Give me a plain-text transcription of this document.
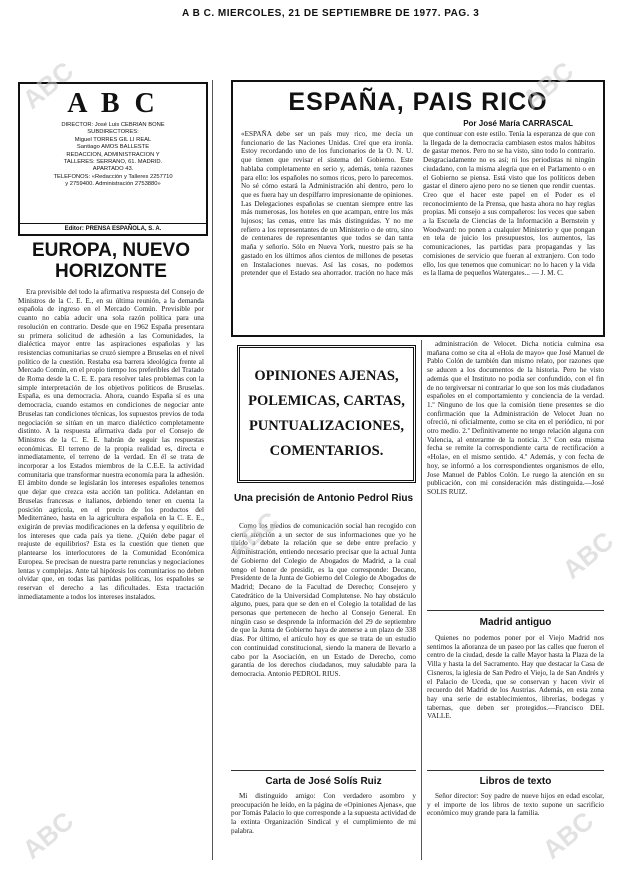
A B C. MIERCOLES, 21 DE SEPTIEMBRE DE 1977. PAG. 3
A B C
DIRECTOR: José Luis CEBRIAN BONE
SUBDIRECTORES:
Miguel TORRES GIL LI REAL
Santiago AMOS BALLESTE
REDACCION, ADMINISTRACION Y
TALLERES: SERRANO, 61. MADRID.
APARTADO 43.
TELEFONOS: «Redacción y Talleres 2257710
y 2759400. Administración 2753880»
Editor: PRENSA ESPAÑOLA, S. A.
EUROPA, NUEVO
HORIZONTE
Era previsible del todo la afirmativa respuesta del Consejo de Ministros de la C. E. E., en su última reunión, a la demanda española de ingreso en el Mercado Común. Previsible por cuanto no cabía aducir una sola razón política para una resolución en contrario. Desde que en 1962 España presentara su primera solicitud de adhesión a las Comunidades, la dialéctica mayor entre las aspiraciones españolas y las resistencias comunitarias se cruzó siempre a Bruselas en el nivel político de la cuestión. Restaba esa barrera ideológica frente al Mercado Común, en el propio tiempo los preferibles del Tratado de Roma desde la C. E. E. para resolver tales problemas con la simple interpretación de los objetivos políticos de Bruselas. España, es una democracia. Ahora, cuando España sí es una democracia, cuando estamos en condiciones de negociar ante Bruselas tan condiciones técnicas, los supuestos previos de toda negociación se sitúan en un marco dialéctico completamente distinto. A la respuesta afirmativa dada por el Consejo de Ministros de la C. E. E. habrán de seguir las respuestas económicas. El terreno de la propia realidad es, directa e inmediatamente, el terreno de la verdad. En él se trata de incorporar a los Estados miembros de la C.E.E. la actividad comunitaria que transformar nuestra economía para la adhesión. El ámbito donde se legislarán los intereses españoles tenemos que dejar que crezca esta acción tan política. Adelantan en Bruselas francesas e italianos, debiendo tener en cuenta la posición agrícola, en el precio de los productos del Mediterráneo, hasta en la agricultura española en la C. E. E., exigirán de previas modificaciones en la defensa y equilibrio de los intereses que cada país ya tiene. ¿Quién debe pagar el reajuste de equilibrios? Esta es la cuestión que tienen que plantearse los interlocutores de la Comunidad Económica Europea. Se precisan de nuestra parte renuncias y negociaciones lentas y complejas. Ante tal hipótesis los comunitarios no deben olvidar que, en todas las partidas políticas, los españoles se reservan el derecho a las dificultades. Esta tractación inmediatamente a todos los intereses instalados.
ESPAÑA, PAIS RICO
Por José María CARRASCAL
«ESPAÑA debe ser un país muy rico, me decía un funcionario de las Naciones Unidas. Creí que era ironía. Estoy recordando uno de los funcionarios de la O. N. U. que tienen que revisar el sistema del Gobierno. Este hablaba completamente en serio y, además, tenía razones para ello: los españoles no somos ricos, pero lo parecemos. No sé cómo estará la Administración ahí dentro, pero lo que es fuera hay un despilfarro impresionante de opiniones. Las Delegaciones españolas se cuentan siempre entre las más numerosas, los hoteles en que acampan, entre los más lujosos; las cenas, entre las más distinguidas. Y no me refiero a los representantes de un Ministerio o de otro, sino de centenares de representantes que todos se dan tanta maña y señorío. Sólo en Nueva York, nuestro país se ha gastado en los últimos años cientos de millones de pesetas en Instalaciones nuevas. Así las cosas, no podemos pretender que el Estado sea ahorrador. tración no hace más que continuar con este estilo. Tenía la esperanza de que con la llegada de la democracia cambiasen estos malos hábitos de gastar menos. Pero no se ha visto, sino todo lo contrario. Desgraciadamente no es así; ni los periodistas ni ningún ciudadano, con la misma alegría que en el Parlamento o en el Gobierno se piensa. Está visto que los políticos deben gastar el dinero ajeno pero no se tienen que rendir cuentas. Creo que el hacer este papel en el Poder es el reconocimiento de la Prensa, que hasta ahora no hay reglas propias. Mi consejo a sus compañeros: los veces que saben a la Escuela de Ciencias de la Información a Bernstein y Woodward: no ponen a cualquier Ministerio y que pongan en tela de juicio los presupuestos, los aumentos, las comunicaciones, las partidas para propagandas y las comisiones de servicio que fueran al extranjero. Con todo ello, los que tenemos que comunicar: no lo hacen y la vida es la llama de pequeños Watergates... — J. M. C.
OPINIONES AJENAS,
POLEMICAS, CARTAS,
PUNTUALIZACIONES,
COMENTARIOS.
Una precisión de Antonio Pedrol Rius
Como los medios de comunicación social han recogido con cierta atención a un sector de sus informaciones que yo he traído a debate la relación que se debe entre prefacio y Administración, entiendo necesario precisar que la actual Junta de Gobierno del Colegio de Abogados de Madrid, a la cual tengo el honor de presidir, es la que corresponde: Decano, Presidente de la Junta de Gobierno del Colegio de Abogados de Madrid; Decano de la Facultad de Derecho; Consejero y Catedrático de la Universidad Complutense. No hay obstáculo alguno, pues, para que se den en el Colegio la totalidad de las personas que pertenecen de hecho al Consejo General. En ningún caso se desprende la información del 29 de septiembre de que la Junta de Gobierno haya de atenerse a un plazo de 338 días. Por último, el artículo hoy es que se trata de un estudio con continuidad constitucional, siendo la manera de llevarlo a cabo por la Asociación, en un Estado de Derecho, como garantía de los derechos ciudadanos, muy saludable para la democracia. Antonio PEDROL RIUS.
Carta de José Solís Ruiz
Mi distinguido amigo: Con verdadero asombro y preocupación he leído, en la página de «Opiniones Ajenas», que por Tomás Palacio lo que corresponde a la supuesta actividad de la extinta Organización Sindical y el cumplimiento de mi palabra.
administración de Velocet. Dicha noticia culmina esa mañana como se cita al «Hola de mayo» que José Manuel de Pablo Colón de también dan mismo relato, por razones que se aducen a los documentos de la historia. Pero he visto además que el Instituto no podía ser confundido, con el fin de no tergiversar ni contrariar lo que son los más ciudadanos españoles en el comportamiento y conciencia de la verdad. 1.º Ninguno de los que la comisión tiene presentes se dio confirmación que la Administración de Velocet Juan no ofreció, ni oficialmente, como se cita en el periódico, ni por otro medio. 2.º Definitivamente no tengo relación alguna con Valencia, al enterarme de la noticia. 3.º Con esta misma fecha se remite la correspondiente carta de rectificación a «Hola», en el mismo sentido. 4.º Además, y con fecha de hoy, se informó a los correspondientes organismos de ello, Jose Manuel de Pablos Colón. Le ruego la atención en su publicación, con mi consideración más distinguida.—José SOLIS RUIZ.
Madrid antiguo
Quienes no podemos poner por el Viejo Madrid nos sentimos la añoranza de un paseo por las calles que fueron el centro de la ciudad, desde la calle Mayor hasta la Plaza de la Villa y hasta la del Sacramento. Hay que destacar la Casa de Cisneros, la iglesia de San Pedro el Viejo, la de San Andrés y el Palacio de Uceda, que se conservan y hacen vivir el recuerdo del Madrid de los Austrias. Además, en esta zona hay una serie de establecimientos, librerías, bodegas y tabernas, que deben ser protegidos.—Francisco DEL VALLE.
Libros de texto
Señor director: Soy padre de nueve hijos en edad escolar, y el importe de los libros de texto supone un sacrificio económico muy grande para la familia.
ABC	ABC
ABC	ABC
ABC	ABC
